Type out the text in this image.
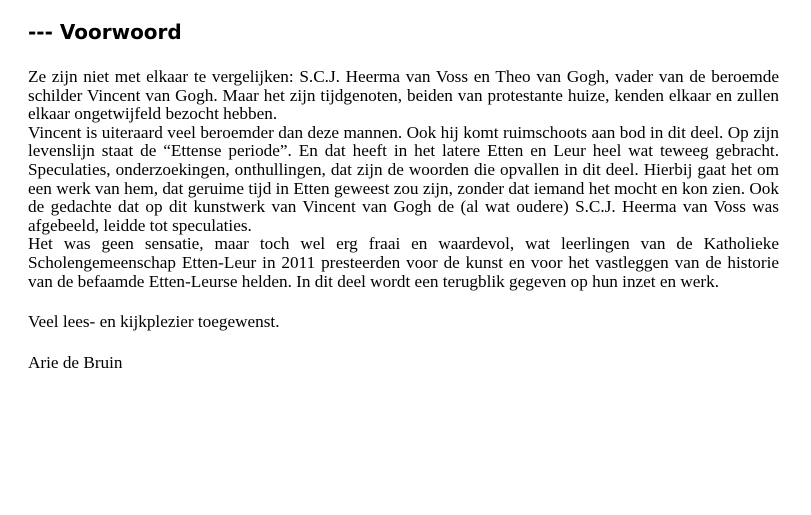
--- Voorwoord

Ze zijn niet met elkaar te vergelijken: S.C.J. Heerma van Voss en Theo van Gogh, vader van de beroemde schilder Vincent van Gogh. Maar het zijn tijdgenoten, beiden van protestante huize, kenden elkaar en zullen elkaar ongetwijfeld bezocht hebben.

Vincent is uiteraard veel beroemder dan deze mannen. Ook hij komt ruimschoots aan bod in dit deel. Op zijn levenslijn staat de “Ettense periode”. En dat heeft in het latere Etten en Leur heel wat teweeg gebracht. Speculaties, onderzoekingen, onthullingen, dat zijn de woorden die opvallen in dit deel. Hierbij gaat het om een werk van hem, dat geruime tijd in Etten geweest zou zijn, zonder dat iemand het mocht en kon zien. Ook de gedachte dat op dit kunstwerk van Vincent van Gogh de (al wat oudere) S.C.J. Heerma van Voss was afgebeeld, leidde tot speculaties.

Het was geen sensatie, maar toch wel erg fraai en waardevol, wat leerlingen van de Katholieke Scholengemeenschap Etten-Leur in 2011 presteerden voor de kunst en voor het vastleggen van de historie van de befaamde Etten-Leurse helden. In dit deel wordt een terugblik gegeven op hun inzet en werk.

Veel lees- en kijkplezier toegewenst.

Arie de Bruin
